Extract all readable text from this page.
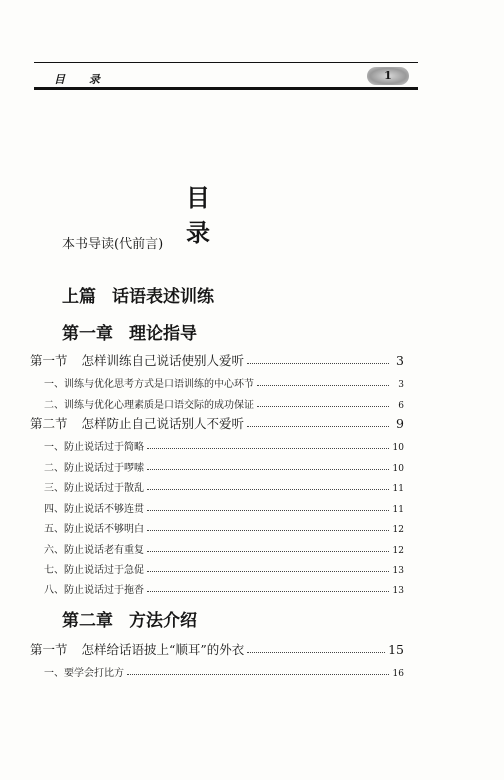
目 录	1
目 录
本书导读(代前言)
上篇 话语表述训练
第一章 理论指导
第一节 怎样训练自己说话使别人爱听	3
一、训练与优化思考方式是口语训练的中心环节	3
二、训练与优化心理素质是口语交际的成功保证	6
第二节 怎样防止自己说话别人不爱听	9
一、防止说话过于简略	10
二、防止说话过于啰嗦	10
三、防止说话过于散乱	11
四、防止说话不够连贯	11
五、防止说话不够明白	12
六、防止说话老有重复	12
七、防止说话过于急促	13
八、防止说话过于拖沓	13
第二章 方法介绍
第一节 怎样给话语披上“顺耳”的外衣	15
一、要学会打比方	16
